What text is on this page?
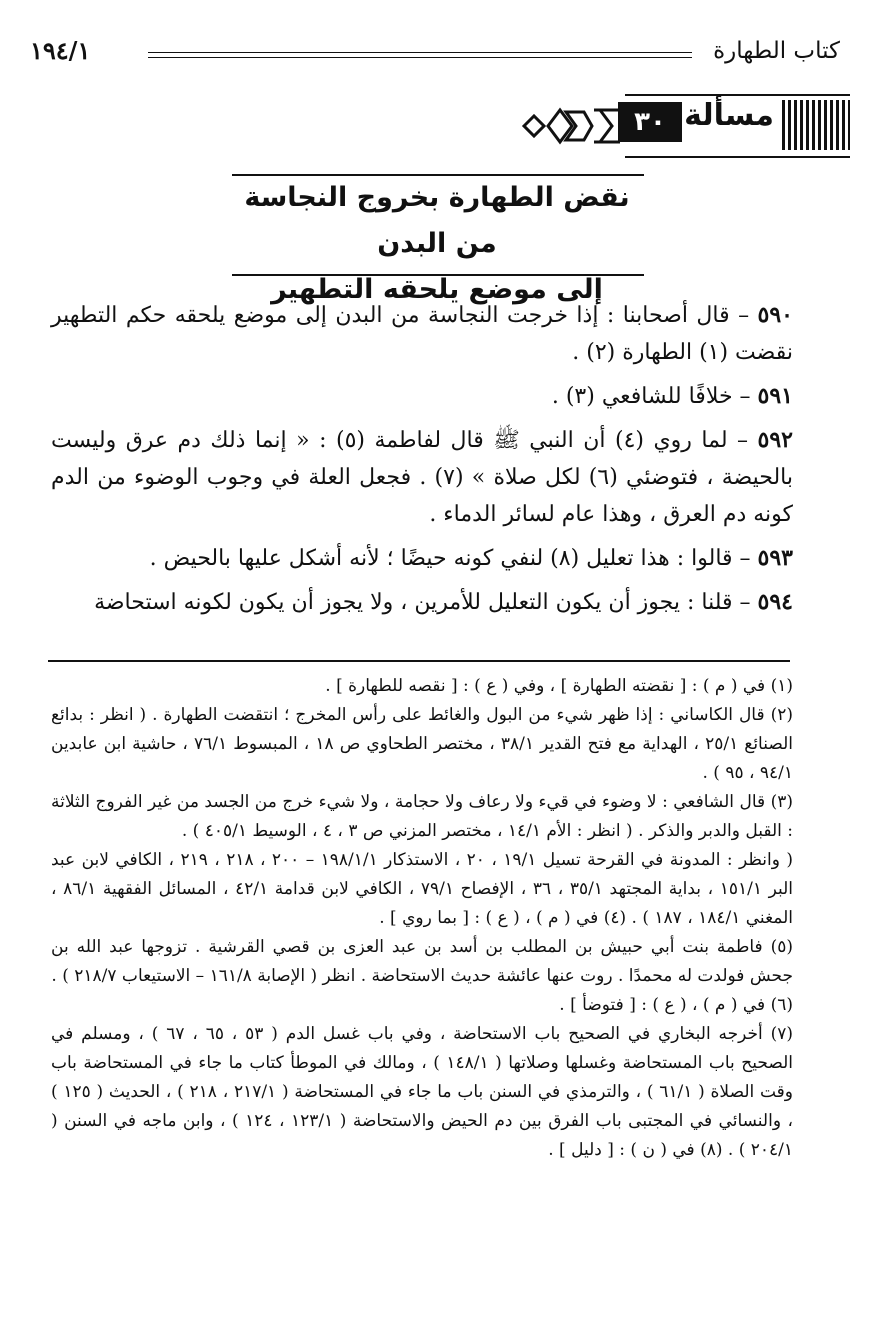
كتاب الطهارة
١٩٤/١
مسألة
٣٠
نقض الطهارة بخروج النجاسة من البدن
إلى موضع يلحقه التطهير

٥٩٠ – قال أصحابنا : إذا خرجت النجاسة من البدن إلى موضع يلحقه حكم التطهير نقضت (١) الطهارة (٢) .

٥٩١ – خلافًا للشافعي (٣) .

٥٩٢ – لما روي (٤) أن النبي ﷺ قال لفاطمة (٥) : « إنما ذلك دم عرق وليست بالحيضة ، فتوضئي (٦) لكل صلاة » (٧) . فجعل العلة في وجوب الوضوء من الدم كونه دم العرق ، وهذا عام لسائر الدماء .

٥٩٣ – قالوا : هذا تعليل (٨) لنفي كونه حيضًا ؛ لأنه أشكل عليها بالحيض .

٥٩٤ – قلنا : يجوز أن يكون التعليل للأمرين ، ولا يجوز أن يكون لكونه استحاضة

(١) في ( م ) : [ نقضته الطهارة ] ، وفي ( ع ) : [ نقصه للطهارة ] .

(٢) قال الكاساني : إذا ظهر شيء من البول والغائط على رأس المخرج ؛ انتقضت الطهارة . ( انظر : بدائع الصنائع ٢٥/١ ، الهداية مع فتح القدير ٣٨/١ ، مختصر الطحاوي ص ١٨ ، المبسوط ٧٦/١ ، حاشية ابن عابدين ٩٤/١ ، ٩٥ ) .

(٣) قال الشافعي : لا وضوء في قيء ولا رعاف ولا حجامة ، ولا شيء خرج من الجسد من غير الفروج الثلاثة : القبل والدبر والذكر . ( انظر : الأم ١٤/١ ، مختصر المزني ص ٣ ، ٤ ، الوسيط ٤٠٥/١ ) .

( وانظر : المدونة في القرحة تسيل ١٩/١ ، ٢٠ ، الاستذكار ١٩٨/١/١ – ٢٠٠ ، ٢١٨ ، ٢١٩ ، الكافي لابن عبد البر ١٥١/١ ، بداية المجتهد ٣٥/١ ، ٣٦ ، الإفصاح ٧٩/١ ، الكافي لابن قدامة ٤٢/١ ، المسائل الفقهية ٨٦/١ ، المغني ١٨٤/١ ، ١٨٧ ) . (٤) في ( م ) ، ( ع ) : [ بما روي ] .

(٥) فاطمة بنت أبي حبيش بن المطلب بن أسد بن عبد العزى بن قصي القرشية . تزوجها عبد الله بن جحش فولدت له محمدًا . روت عنها عائشة حديث الاستحاضة . انظر ( الإصابة ١٦١/٨ – الاستيعاب ٢١٨/٧ ) .

(٦) في ( م ) ، ( ع ) : [ فتوضأ ] .

(٧) أخرجه البخاري في الصحيح باب الاستحاضة ، وفي باب غسل الدم ( ٥٣ ، ٦٥ ، ٦٧ ) ، ومسلم في الصحيح باب المستحاضة وغسلها وصلاتها ( ١٤٨/١ ) ، ومالك في الموطأ كتاب ما جاء في المستحاضة باب وقت الصلاة ( ٦١/١ ) ، والترمذي في السنن باب ما جاء في المستحاضة ( ٢١٧/١ ، ٢١٨ ) ، الحديث ( ١٢٥ ) ، والنسائي في المجتبى باب الفرق بين دم الحيض والاستحاضة ( ١٢٣/١ ، ١٢٤ ) ، وابن ماجه في السنن ( ٢٠٤/١ ) . (٨) في ( ن ) : [ دليل ] .
